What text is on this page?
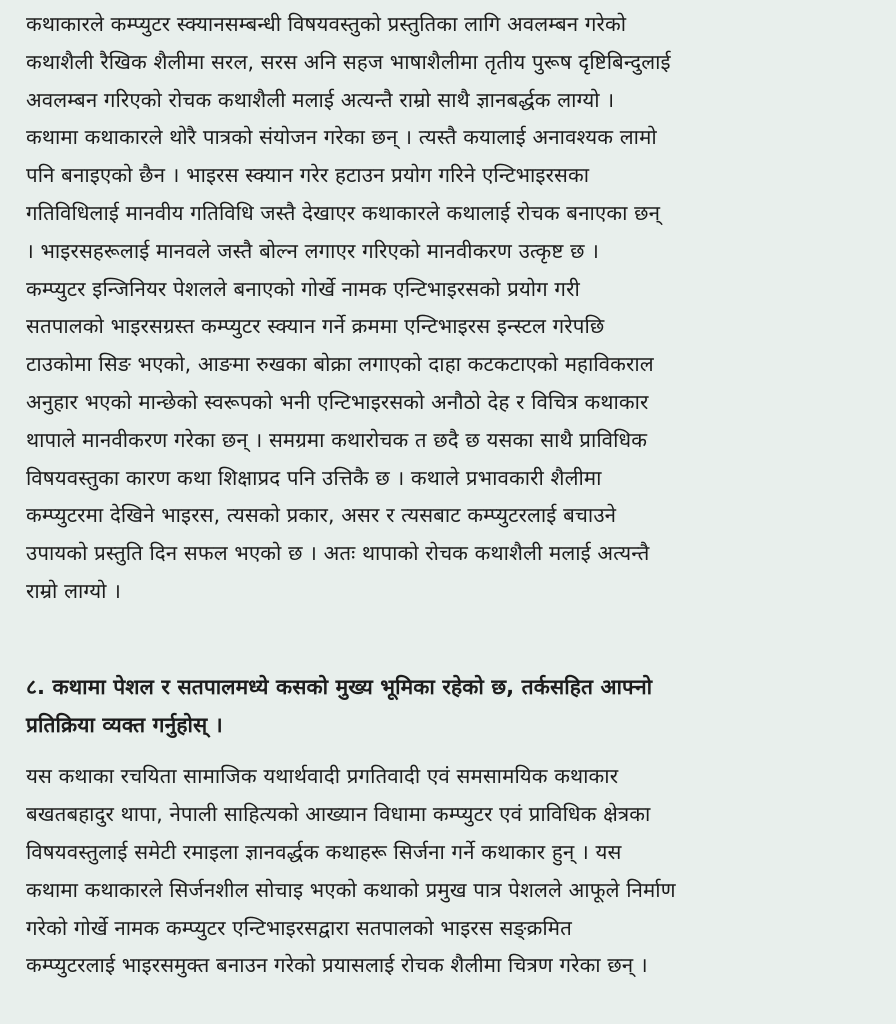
कथाकारले कम्प्युटर स्क्यानसम्बन्धी विषयवस्तुको प्रस्तुतिका लागि अवलम्बन गरेको
कथाशैली रैखिक शैलीमा सरल, सरस अनि सहज भाषाशैलीमा तृतीय पुरूष दृष्टिबिन्दुलाई
अवलम्बन गरिएको रोचक कथाशैली मलाई अत्यन्तै राम्रो साथै ज्ञानबर्द्धक लाग्यो ।
कथामा कथाकारले थोरै पात्रको संयोजन गरेका छन् । त्यस्तै कयालाई अनावश्यक लामो
पनि बनाइएको छैन । भाइरस स्क्यान गरेर हटाउन प्रयोग गरिने एन्टिभाइरसका
गतिविधिलाई मानवीय गतिविधि जस्तै देखाएर कथाकारले कथालाई रोचक बनाएका छन्
। भाइरसहरूलाई मानवले जस्तै बोल्न लगाएर गरिएको मानवीकरण उत्कृष्ट छ ।
कम्प्युटर इन्जिनियर पेशलले बनाएको गोर्खे नामक एन्टिभाइरसको प्रयोग गरी
सतपालको भाइरसग्रस्त कम्प्युटर स्क्यान गर्ने क्रममा एन्टिभाइरस इन्स्टल गरेपछि
टाउकोमा सिङ भएको, आङमा रुखका बोक्रा लगाएको दाहा कटकटाएको महाविकराल
अनुहार भएको मान्छेको स्वरूपको भनी एन्टिभाइरसको अनौठो देह र विचित्र कथाकार
थापाले मानवीकरण गरेका छन् । समग्रमा कथारोचक त छदै छ यसका साथै प्राविधिक
विषयवस्तुका कारण कथा शिक्षाप्रद पनि उत्तिकै छ । कथाले प्रभावकारी शैलीमा
कम्प्युटरमा देखिने भाइरस, त्यसको प्रकार, असर र त्यसबाट कम्प्युटरलाई बचाउने
उपायको प्रस्तुति दिन सफल भएको छ । अतः थापाको रोचक कथाशैली मलाई अत्यन्तै
राम्रो लाग्यो ।
८. कथामा पेशल र सतपालमध्ये कसको मुख्य भूमिका रहेको छ, तर्कसहित आफ्नो
प्रतिक्रिया व्यक्त गर्नुहोस् ।
यस कथाका रचयिता सामाजिक यथार्थवादी प्रगतिवादी एवं समसामयिक कथाकार
बखतबहादुर थापा, नेपाली साहित्यको आख्यान विधामा कम्प्युटर एवं प्राविधिक क्षेत्रका
विषयवस्तुलाई समेटी रमाइला ज्ञानवर्द्धक कथाहरू सिर्जना गर्ने कथाकार हुन् । यस
कथामा कथाकारले सिर्जनशील सोचाइ भएको कथाको प्रमुख पात्र पेशलले आफूले निर्माण
गरेको गोर्खे नामक कम्प्युटर एन्टिभाइरसद्वारा सतपालको भाइरस सङ्क्रमित
कम्प्युटरलाई भाइरसमुक्त बनाउन गरेको प्रयासलाई रोचक शैलीमा चित्रण गरेका छन् ।
